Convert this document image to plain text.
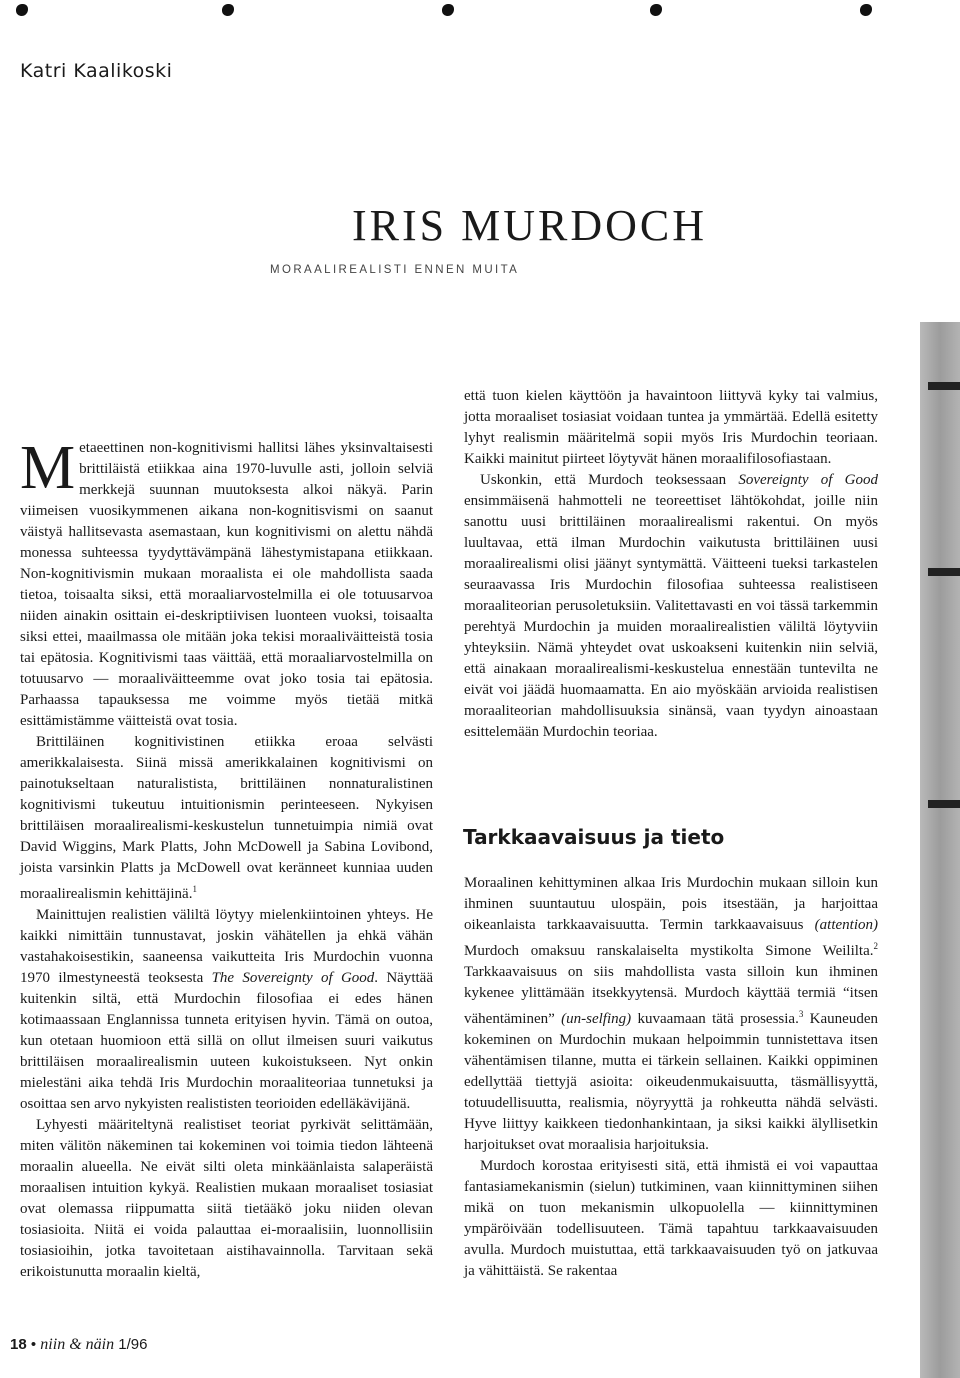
Katri Kaalikoski
IRIS MURDOCH
MORAALIREALISTI ENNEN MUITA

Metaeettinen non-kognitivismi hallitsi lähes yksinvaltaisesti brittiläistä etiikkaa aina 1970-luvulle asti, jolloin selviä merkkejä suunnan muutoksesta alkoi näkyä. Parin viimeisen vuosikymmenen aikana non-kognitisvismi on saanut väistyä hallitsevasta asemastaan, kun kognitivismi on alettu nähdä monessa suhteessa tyydyttävämpänä lähestymistapana etiikkaan. Non-kognitivismin mukaan moraalista ei ole mahdollista saada tietoa, toisaalta siksi, että moraaliarvostelmilla ei ole totuusarvoa niiden ainakin osittain ei-deskriptiivisen luonteen vuoksi, toisaalta siksi ettei, maailmassa ole mitään joka tekisi moraaliväitteistä tosia tai epätosia. Kognitivismi taas väittää, että moraaliarvostelmilla on totuusarvo — moraaliväitteemme ovat joko tosia tai epätosia. Parhaassa tapauksessa me voimme myös tietää mitkä esittämistämme väitteistä ovat tosia.

Brittiläinen kognitivistinen etiikka eroaa selvästi amerikkalaisesta. Siinä missä amerikkalainen kognitivismi on painotukseltaan naturalistista, brittiläinen nonnaturalistinen kognitivismi tukeutuu intuitionismin perinteeseen. Nykyisen brittiläisen moraalirealismi-keskustelun tunnetuimpia nimiä ovat David Wiggins, Mark Platts, John McDowell ja Sabina Lovibond, joista varsinkin Platts ja McDowell ovat keränneet kunniaa uuden moraalirealismin kehittäjinä.$^1$

Mainittujen realistien väliltä löytyy mielenkiintoinen yhteys. He kaikki nimittäin tunnustavat, joskin vähätellen ja ehkä vähän vastahakoisestikin, saaneensa vaikutteita Iris Murdochin vuonna 1970 ilmestyneestä teoksesta The Sovereignty of Good. Näyttää kuitenkin siltä, että Murdochin filosofiaa ei edes hänen kotimaassaan Englannissa tunneta erityisen hyvin. Tämä on outoa, kun otetaan huomioon että sillä on ollut ilmeisen suuri vaikutus brittiläisen moraalirealismin uuteen kukoistukseen. Nyt onkin mielestäni aika tehdä Iris Murdochin moraaliteoriaa tunnetuksi ja osoittaa sen arvo nykyisten realististen teorioiden edelläkävijänä.

Lyhyesti määriteltynä realistiset teoriat pyrkivät selittämään, miten välitön näkeminen tai kokeminen voi toimia tiedon lähteenä moraalin alueella. Ne eivät silti oleta minkäänlaista salaperäistä moraalisen intuition kykyä. Realistien mukaan moraaliset tosiasiat ovat olemassa riippumatta siitä tietääkö joku niiden olevan tosiasioita. Niitä ei voida palauttaa ei-moraalisiin, luonnollisiin tosiasioihin, jotka tavoitetaan aistihavainnolla. Tarvitaan sekä erikoistunutta moraalin kieltä,

että tuon kielen käyttöön ja havaintoon liittyvä kyky tai valmius, jotta moraaliset tosiasiat voidaan tuntea ja ymmärtää. Edellä esitetty lyhyt realismin määritelmä sopii myös Iris Murdochin teoriaan. Kaikki mainitut piirteet löytyvät hänen moraalifilosofiastaan.

Uskonkin, että Murdoch teoksessaan Sovereignty of Good ensimmäisenä hahmotteli ne teoreettiset lähtökohdat, joille niin sanottu uusi brittiläinen moraalirealismi rakentui. On myös luultavaa, että ilman Murdochin vaikutusta brittiläinen uusi moraalirealismi olisi jäänyt syntymättä. Väitteeni tueksi tarkastelen seuraavassa Iris Murdochin filosofiaa suhteessa realistiseen moraaliteorian perusoletuksiin. Valitettavasti en voi tässä tarkemmin perehtyä Murdochin ja muiden moraalirealistien väliltä löytyviin yhteyksiin. Nämä yhteydet ovat uskoakseni kuitenkin niin selviä, että ainakaan moraalirealismi-keskustelua ennestään tuntevilta ne eivät voi jäädä huomaamatta. En aio myöskään arvioida realistisen moraaliteorian mahdollisuuksia sinänsä, vaan tyydyn ainoastaan esittelemään Murdochin teoriaa.

Tarkkaavaisuus ja tieto

Moraalinen kehittyminen alkaa Iris Murdochin mukaan silloin kun ihminen suuntautuu ulospäin, pois itsestään, ja harjoittaa oikeanlaista tarkkaavaisuutta. Termin tarkkaavaisuus (attention) Murdoch omaksuu ranskalaiselta mystikolta Simone Weililta.$^2$ Tarkkaavaisuus on siis mahdollista vasta silloin kun ihminen kykenee ylittämään itsekkyytensä. Murdoch käyttää termiä “itsen vähentäminen” (un-selfing) kuvaamaan tätä prosessia.$^3$ Kauneuden kokeminen on Murdochin mukaan helpoimmin tunnistettava itsen vähentämisen tilanne, mutta ei tärkein sellainen. Kaikki oppiminen edellyttää tiettyjä asioita: oikeudenmukaisuutta, täsmällisyyttä, totuudellisuutta, realismia, nöyryyttä ja rohkeutta nähdä selvästi. Hyve liittyy kaikkeen tiedonhankintaan, ja siksi kaikki älyllisetkin harjoitukset ovat moraalisia harjoituksia.

Murdoch korostaa erityisesti sitä, että ihmistä ei voi vapauttaa fantasiamekanismin (sielun) tutkiminen, vaan kiinnittyminen siihen mikä on tuon mekanismin ulkopuolella — kiinnittyminen ympäröivään todellisuuteen. Tämä tapahtuu tarkkaavaisuuden avulla. Murdoch muistuttaa, että tarkkaavaisuuden työ on jatkuvaa ja vähittäistä. Se rakentaa

18 • niin & näin 1/96
